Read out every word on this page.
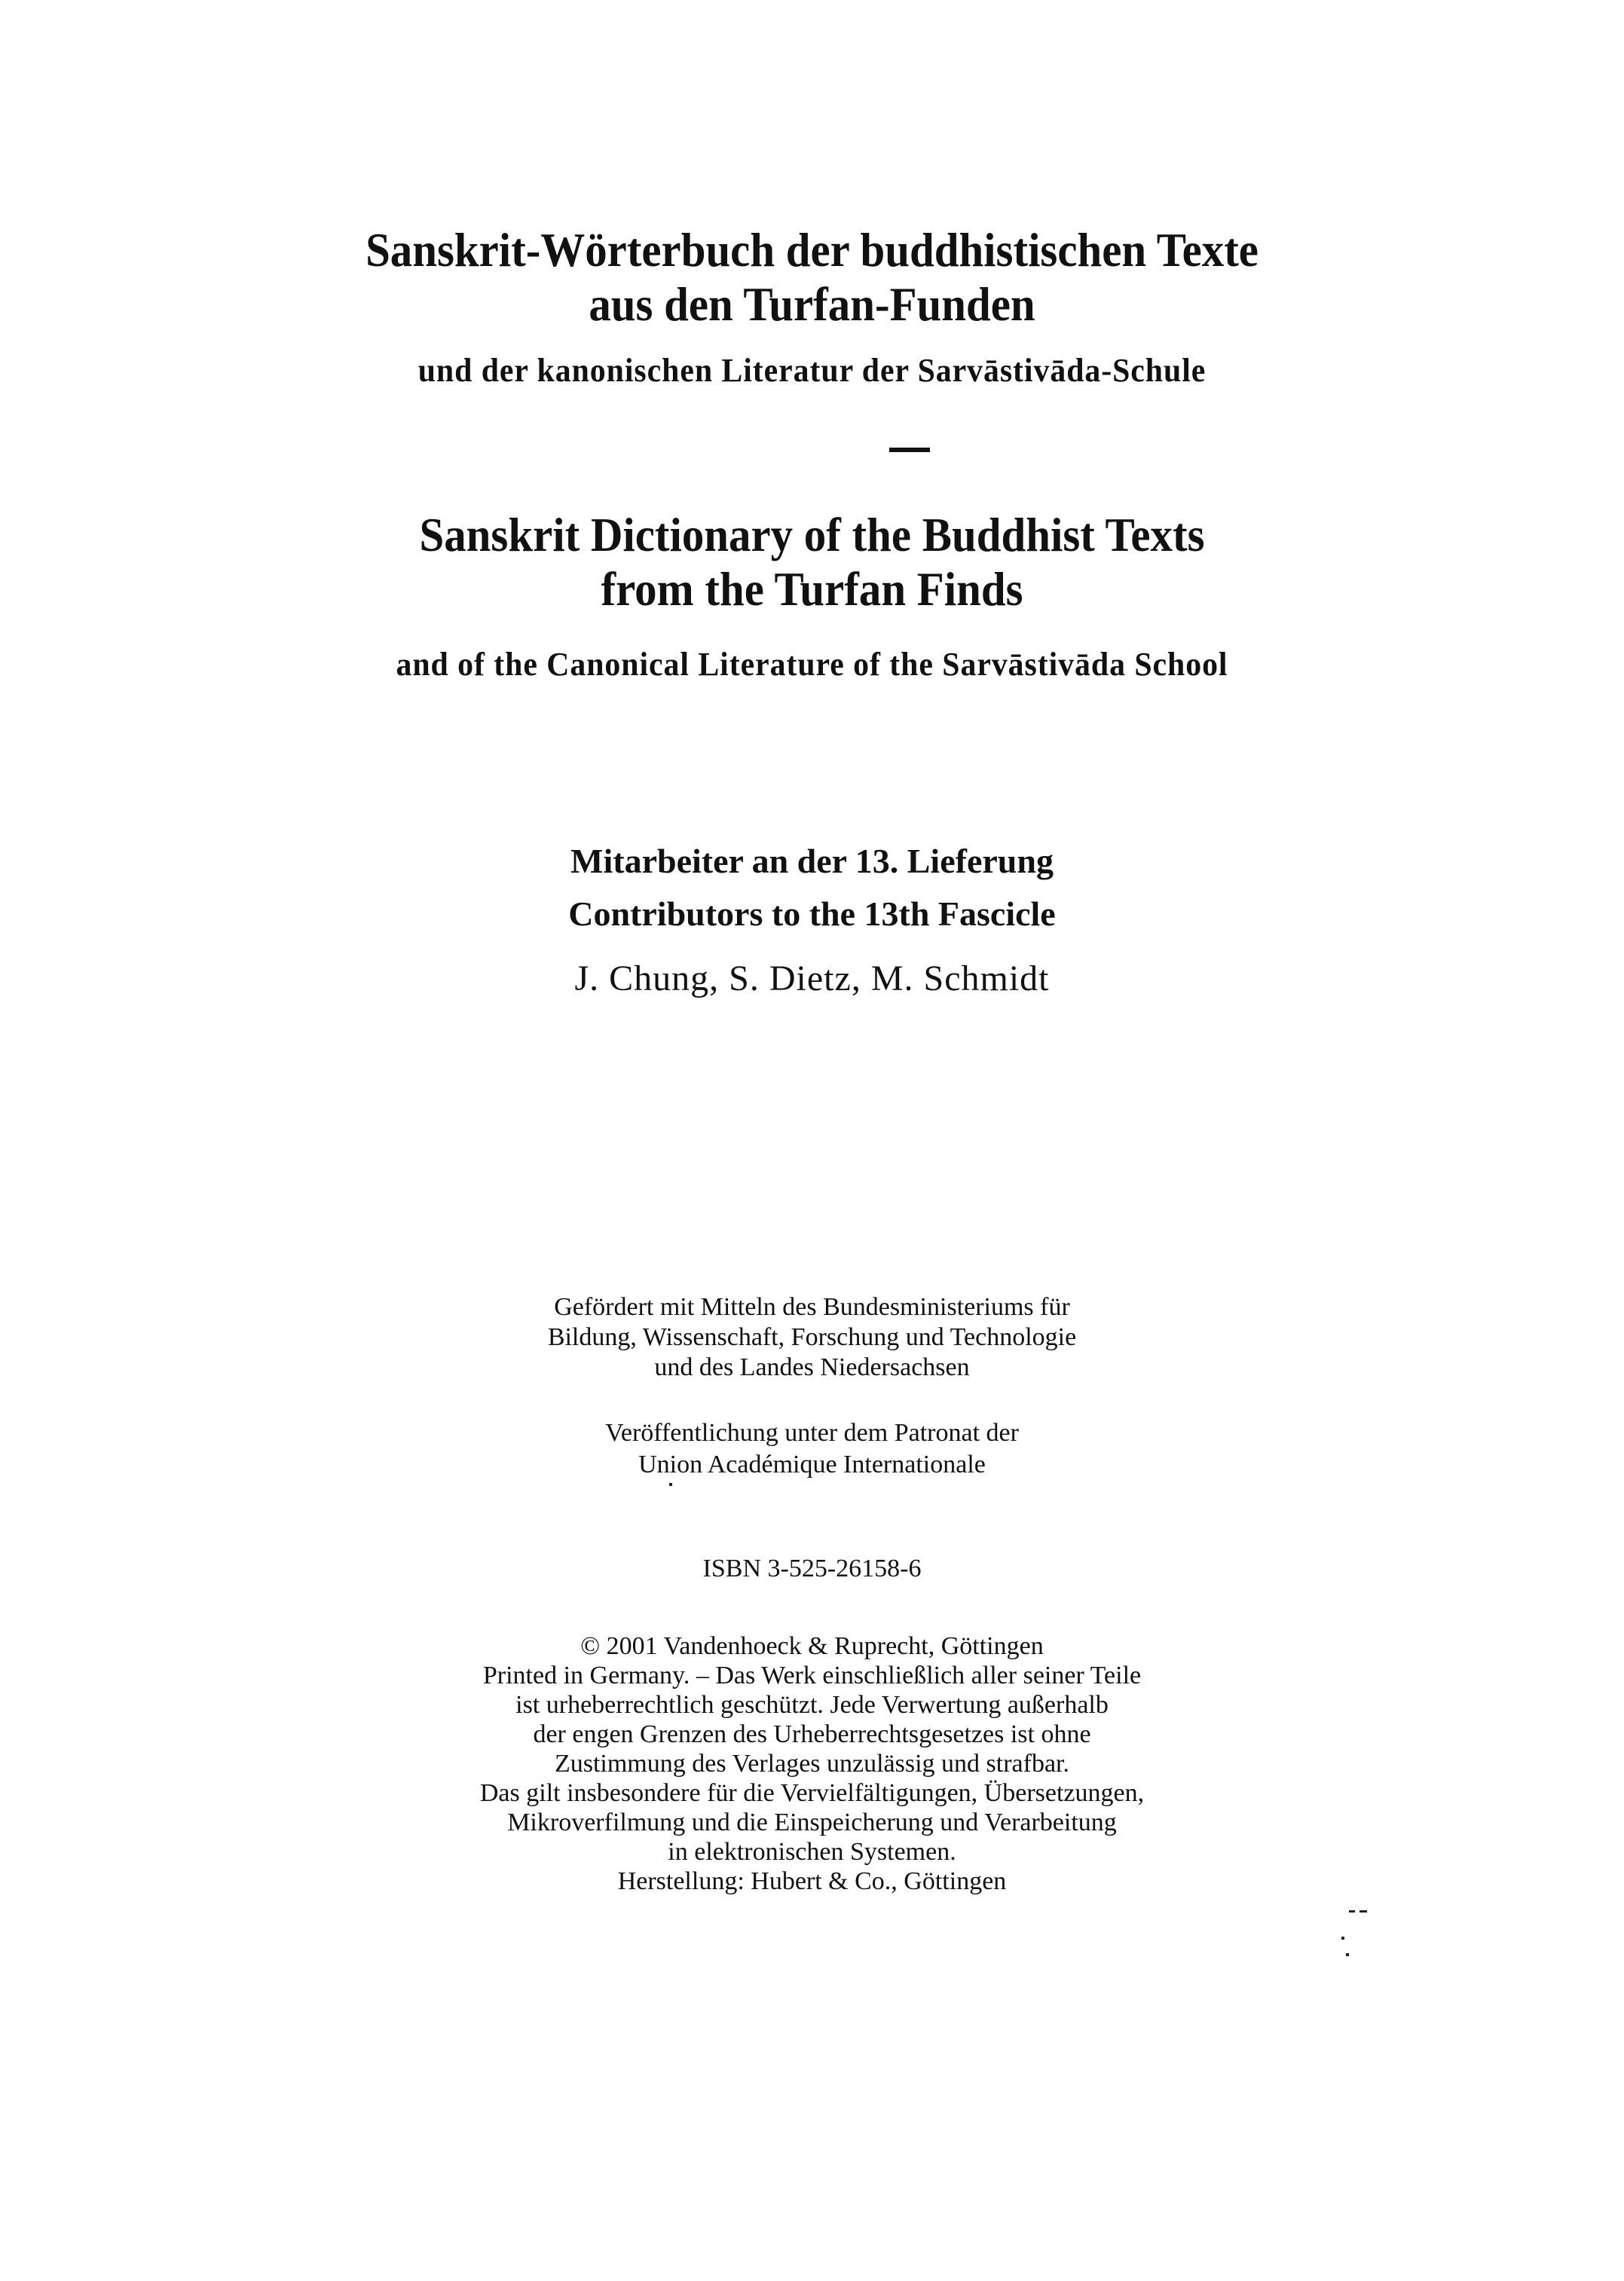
Sanskrit-Wörterbuch der buddhistischen Texte
aus den Turfan-Funden
und der kanonischen Literatur der Sarvāstivāda-Schule
Sanskrit Dictionary of the Buddhist Texts
from the Turfan Finds
and of the Canonical Literature of the Sarvāstivāda School
Mitarbeiter an der 13. Lieferung
Contributors to the 13th Fascicle
J. Chung, S. Dietz, M. Schmidt
Gefördert mit Mitteln des Bundesministeriums für
Bildung, Wissenschaft, Forschung und Technologie
und des Landes Niedersachsen
Veröffentlichung unter dem Patronat der
Union Académique Internationale
ISBN 3-525-26158-6
© 2001 Vandenhoeck & Ruprecht, Göttingen
Printed in Germany. – Das Werk einschließlich aller seiner Teile
ist urheberrechtlich geschützt. Jede Verwertung außerhalb
der engen Grenzen des Urheberrechtsgesetzes ist ohne
Zustimmung des Verlages unzulässig und strafbar.
Das gilt insbesondere für die Vervielfältigungen, Übersetzungen,
Mikroverfilmung und die Einspeicherung und Verarbeitung
in elektronischen Systemen.
Herstellung: Hubert & Co., Göttingen
